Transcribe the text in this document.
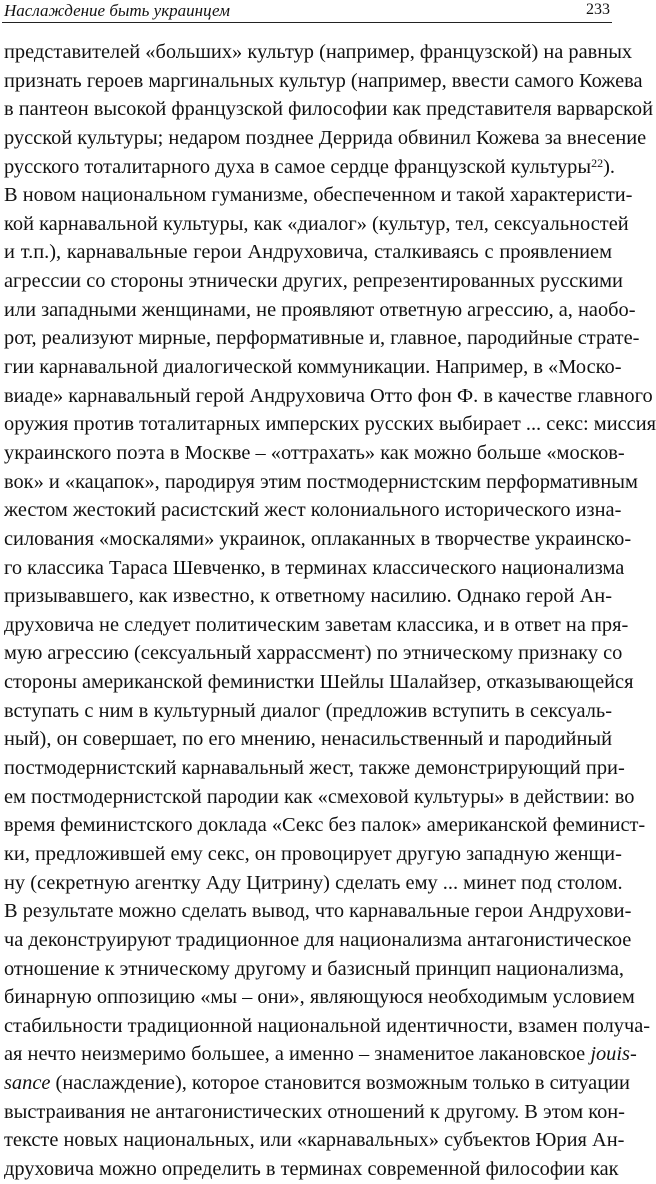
Наслаждение быть украинцем	233
представителей «больших» культур (например, французской) на равных
признать героев маргинальных культур (например, ввести самого Кожева
в пантеон высокой французской философии как представителя варварской
русской культуры; недаром позднее Деррида обвинил Кожева за внесение
русского тоталитарного духа в самое сердце французской культуры$^{22}$).
В новом национальном гуманизме, обеспеченном и такой характеристи-
кой карнавальной культуры, как «диалог» (культур, тел, сексуальностей
и т.п.), карнавальные герои Андруховича, сталкиваясь с проявлением
агрессии со стороны этнически других, репрезентированных русскими
или западными женщинами, не проявляют ответную агрессию, а, наобо-
рот, реализуют мирные, перформативные и, главное, пародийные страте-
гии карнавальной диалогической коммуникации. Например, в «Моско-
виаде» карнавальный герой Андруховича Отто фон Ф. в качестве главного
оружия против тоталитарных имперских русских выбирает ... секс: миссия
украинского поэта в Москве – «оттрахать» как можно больше «москов-
вок» и «кацапок», пародируя этим постмодернистским перформативным
жестом жестокий расистский жест колониального исторического изна-
силования «москалями» украинок, оплаканных в творчестве украинско-
го классика Тараса Шевченко, в терминах классического национализма
призывавшего, как известно, к ответному насилию. Однако герой Ан-
друховича не следует политическим заветам классика, и в ответ на пря-
мую агрессию (сексуальный харрассмент) по этническому признаку со
стороны американской феминистки Шейлы Шалайзер, отказывающейся
вступать с ним в культурный диалог (предложив вступить в сексуаль-
ный), он совершает, по его мнению, ненасильственный и пародийный
постмодернистский карнавальный жест, также демонстрирующий при-
ем постмодернистской пародии как «смеховой культуры» в действии: во
время феминистского доклада «Секс без палок» американской феминист-
ки, предложившей ему секс, он провоцирует другую западную женщи-
ну (секретную агентку Аду Цитрину) сделать ему ... минет под столом.
В результате можно сделать вывод, что карнавальные герои Андрухови-
ча деконструируют традиционное для национализма антагонистическое
отношение к этническому другому и базисный принцип национализма,
бинарную оппозицию «мы – они», являющуюся необходимым условием
стабильности традиционной национальной идентичности, взамен получа-
ая нечто неизмеримо большее, а именно – знаменитое лакановское jouis-
sance (наслаждение), которое становится возможным только в ситуации
выстраивания не антагонистических отношений к другому. В этом кон-
тексте новых национальных, или «карнавальных» субъектов Юрия Ан-
друховича можно определить в терминах современной философии как
